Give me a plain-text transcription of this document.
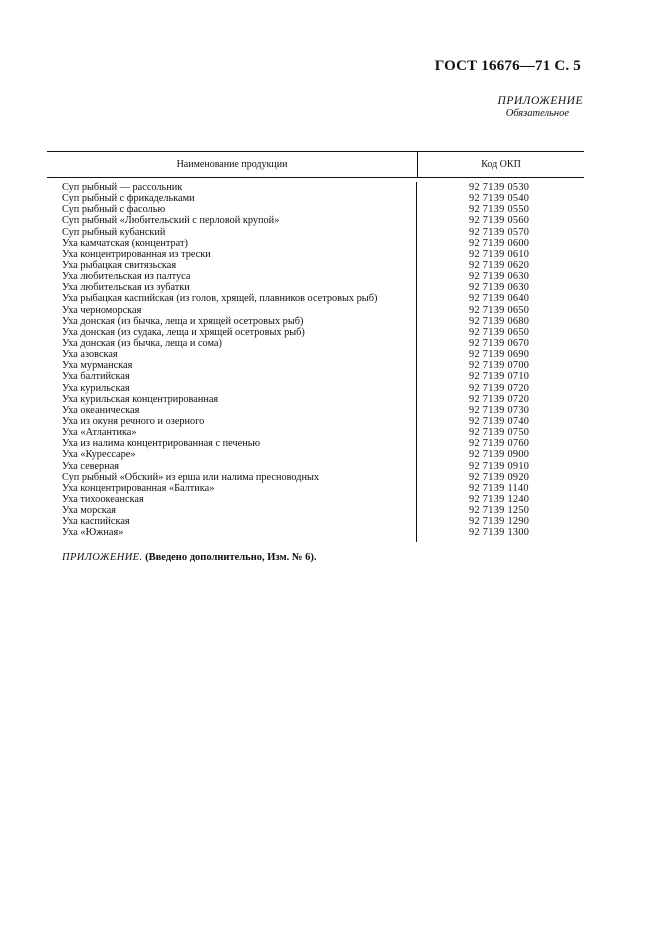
ГОСТ 16676—71 С. 5
ПРИЛОЖЕНИЕ
Обязательное
Наименование продукции	Код ОКП
Суп рыбный — рассольник	92 7139 0530
Суп рыбный с фрикадельками	92 7139 0540
Суп рыбный с фасолью	92 7139 0550
Суп рыбный «Любительский с перловой крупой»	92 7139 0560
Суп рыбный кубанский	92 7139 0570
Уха камчатская (концентрат)	92 7139 0600
Уха концентрированная из трески	92 7139 0610
Уха рыбацкая свитязьская	92 7139 0620
Уха любительская из палтуса	92 7139 0630
Уха любительская из зубатки	92 7139 0630
Уха рыбацкая каспийская (из голов, хрящей, плавников осетровых рыб)	92 7139 0640
Уха черноморская	92 7139 0650
Уха донская (из бычка, леща и хрящей осетровых рыб)	92 7139 0680
Уха донская (из судака, леща и хрящей осетровых рыб)	92 7139 0650
Уха донская (из бычка, леща и сома)	92 7139 0670
Уха азовская	92 7139 0690
Уха мурманская	92 7139 0700
Уха балтийская	92 7139 0710
Уха курильская	92 7139 0720
Уха курильская концентрированная	92 7139 0720
Уха океаническая	92 7139 0730
Уха из окуня речного и озерного	92 7139 0740
Уха «Атлантика»	92 7139 0750
Уха из налима концентрированная с печенью	92 7139 0760
Уха «Курессаре»	92 7139 0900
Уха северная	92 7139 0910
Суп рыбный «Обский» из ерша или налима пресноводных	92 7139 0920
Уха концентрированная «Балтика»	92 7139 1140
Уха тихоокеанская	92 7139 1240
Уха морская	92 7139 1250
Уха каспийская	92 7139 1290
Уха «Южная»	92 7139 1300
ПРИЛОЖЕНИЕ. (Введено дополнительно, Изм. № 6).
